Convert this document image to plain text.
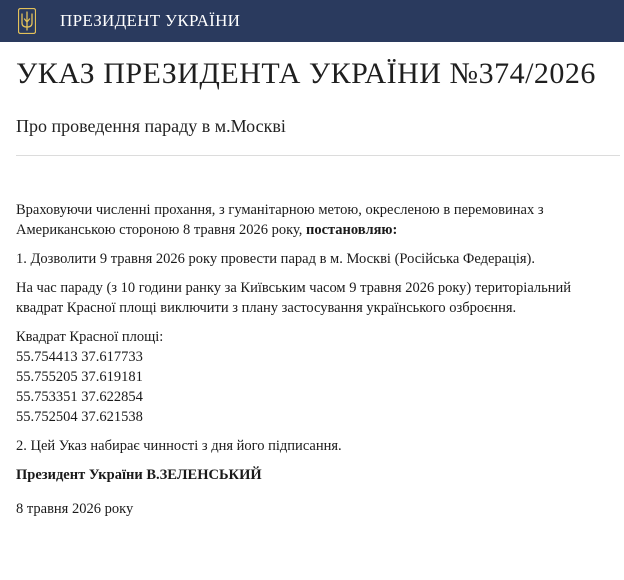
ПРЕЗИДЕНТ УКРАЇНИ
УКАЗ ПРЕЗИДЕНТА УКРАЇНИ №374/2026
Про проведення параду в м.Москві

Враховуючи численні прохання, з гуманітарною метою, окресленою в перемовинах з Американською стороною 8 травня 2026 року, постановляю:

1. Дозволити 9 травня 2026 року провести парад в м. Москві (Російська Федерація).

На час параду (з 10 години ранку за Київським часом 9 травня 2026 року) територіальний квадрат Красної площі виключити з плану застосування українського озброєння.

Квадрат Красної площі:
55.754413 37.617733
55.755205 37.619181
55.753351 37.622854
55.752504 37.621538

2. Цей Указ набирає чинності з дня його підписання.

Президент України В.ЗЕЛЕНСЬКИЙ

8 травня 2026 року
